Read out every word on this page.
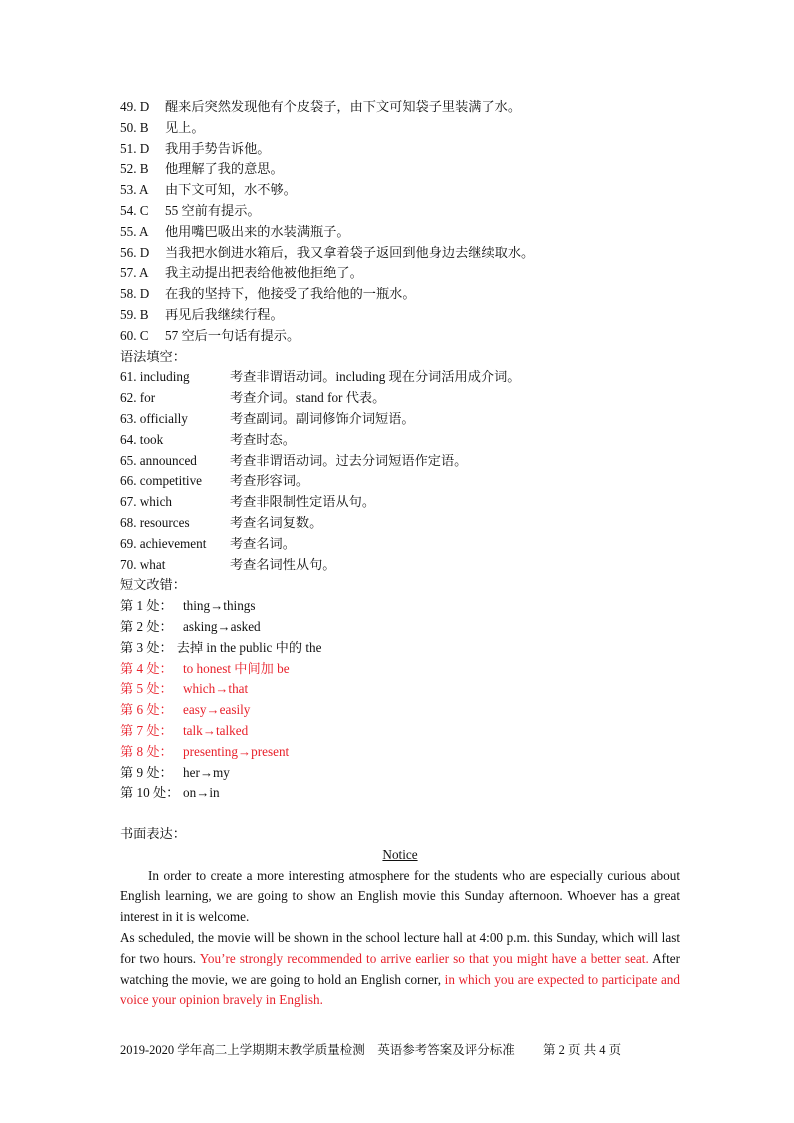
49. D 醒来后突然发现他有个皮袋子，由下文可知袋子里装满了水。
50. B 见上。
51. D 我用手势告诉他。
52. B 他理解了我的意思。
53. A 由下文可知，水不够。
54. C 55 空前有提示。
55. A 他用嘴巴吸出来的水装满瓶子。
56. D 当我把水倒进水箱后，我又拿着袋子返回到他身边去继续取水。
57. A 我主动提出把表给他被他拒绝了。
58. D 在我的坚持下，他接受了我给他的一瓶水。
59. B 再见后我继续行程。
60. C 57 空后一句话有提示。
语法填空：
61. including	考查非谓语动词。including 现在分词活用成介词。
62. for	考查介词。stand for 代表。
63. officially	考查副词。副词修饰介词短语。
64. took	考查时态。
65. announced	考查非谓语动词。过去分词短语作定语。
66. competitive 考查形容词。
67. which	考查非限制性定语从句。
68. resources	考查名词复数。
69. achievement 考查名词。
70. what	考查名词性从句。
短文改错：
第 1 处： thing→things
第 2 处： asking→asked
第 3 处： 去掉 in the public 中的 the
第 4 处： to honest 中间加 be
第 5 处： which→that
第 6 处： easy→easily
第 7 处： talk→talked
第 8 处： presenting→present
第 9 处： her→my
第 10 处： on→in
书面表达：
Notice
In order to create a more interesting atmosphere for the students who are especially curious about English learning, we are going to show an English movie this Sunday afternoon. Whoever has a great interest in it is welcome.
As scheduled, the movie will be shown in the school lecture hall at 4:00 p.m. this Sunday, which will last for two hours. You’re strongly recommended to arrive earlier so that you might have a better seat. After watching the movie, we are going to hold an English corner, in which you are expected to participate and voice your opinion bravely in English.
2019-2020 学年高二上学期期末教学质量检测　英语参考答案及评分标准 第 2 页 共 4 页
